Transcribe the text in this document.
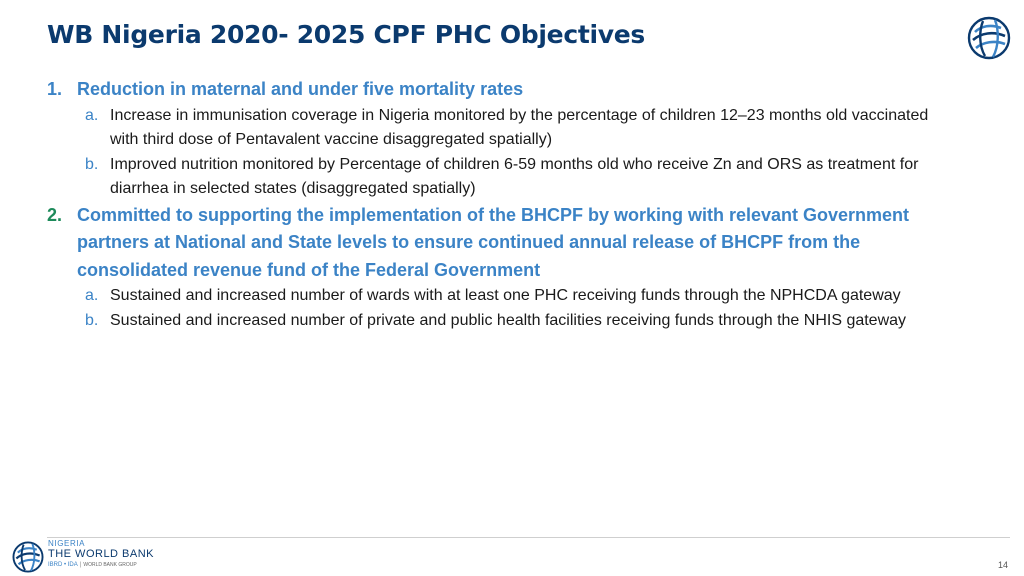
WB Nigeria 2020- 2025 CPF PHC Objectives
1. Reduction in maternal and under five mortality rates
a. Increase in immunisation coverage in Nigeria monitored by the percentage of children 12–23 months old vaccinated with third dose of Pentavalent vaccine disaggregated spatially)
b. Improved nutrition monitored by Percentage of children 6-59 months old who receive Zn and ORS as treatment for diarrhea in selected states (disaggregated spatially)
2. Committed to supporting the implementation of the BHCPF by working with relevant Government partners at National and State levels to ensure continued annual release of BHCPF from the consolidated revenue fund of the Federal Government
a. Sustained and increased number of wards with at least one PHC receiving funds through the NPHCDA gateway
b. Sustained and increased number of private and public health facilities receiving funds through the NHIS gateway
NIGERIA
THE WORLD BANK
IBRD • IDA | WORLD BANK GROUP	14
